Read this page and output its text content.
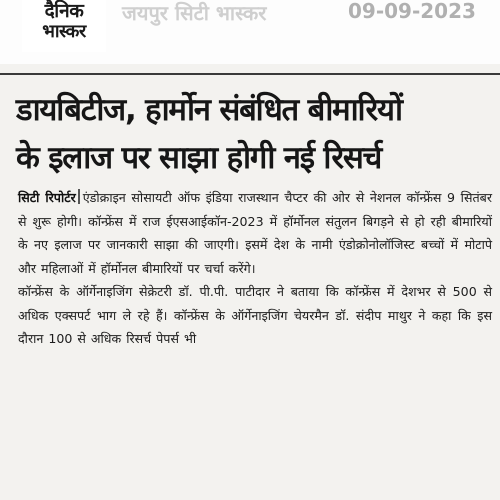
दैनिक
भास्कर
जयपुर सिटी भास्कर	09-09-2023
डायबिटीज, हार्मोन संबंधित बीमारियों
के इलाज पर साझा होगी नई रिसर्च

सिटी रिपोर्टर एंडोक्राइन सोसायटी ऑफ इंडिया राजस्थान चैप्टर की ओर से नेशनल कॉन्फ्रेंस 9 सितंबर से शुरू होगी। कॉन्फ्रेंस में राज ईएसआईकॉन-2023 में हॉर्मोनल संतुलन बिगड़ने से हो रही बीमारियों के नए इलाज पर जानकारी साझा की जाएगी। इसमें देश के नामी एंडोक्रोनोलॉजिस्ट बच्चों में मोटापे और महिलाओं में हॉर्मोनल बीमारियों पर चर्चा करेंगे।

कॉन्फ्रेंस के ऑर्गेनाइजिंग सेक्रेटरी डॉ. पी.पी. पाटीदार ने बताया कि कॉन्फ्रेंस में देशभर से 500 से अधिक एक्सपर्ट भाग ले रहे हैं। कॉन्फ्रेंस के ऑर्गेनाइजिंग चेयरमैन डॉ. संदीप माथुर ने कहा कि इस दौरान 100 से अधिक रिसर्च पेपर्स भी
